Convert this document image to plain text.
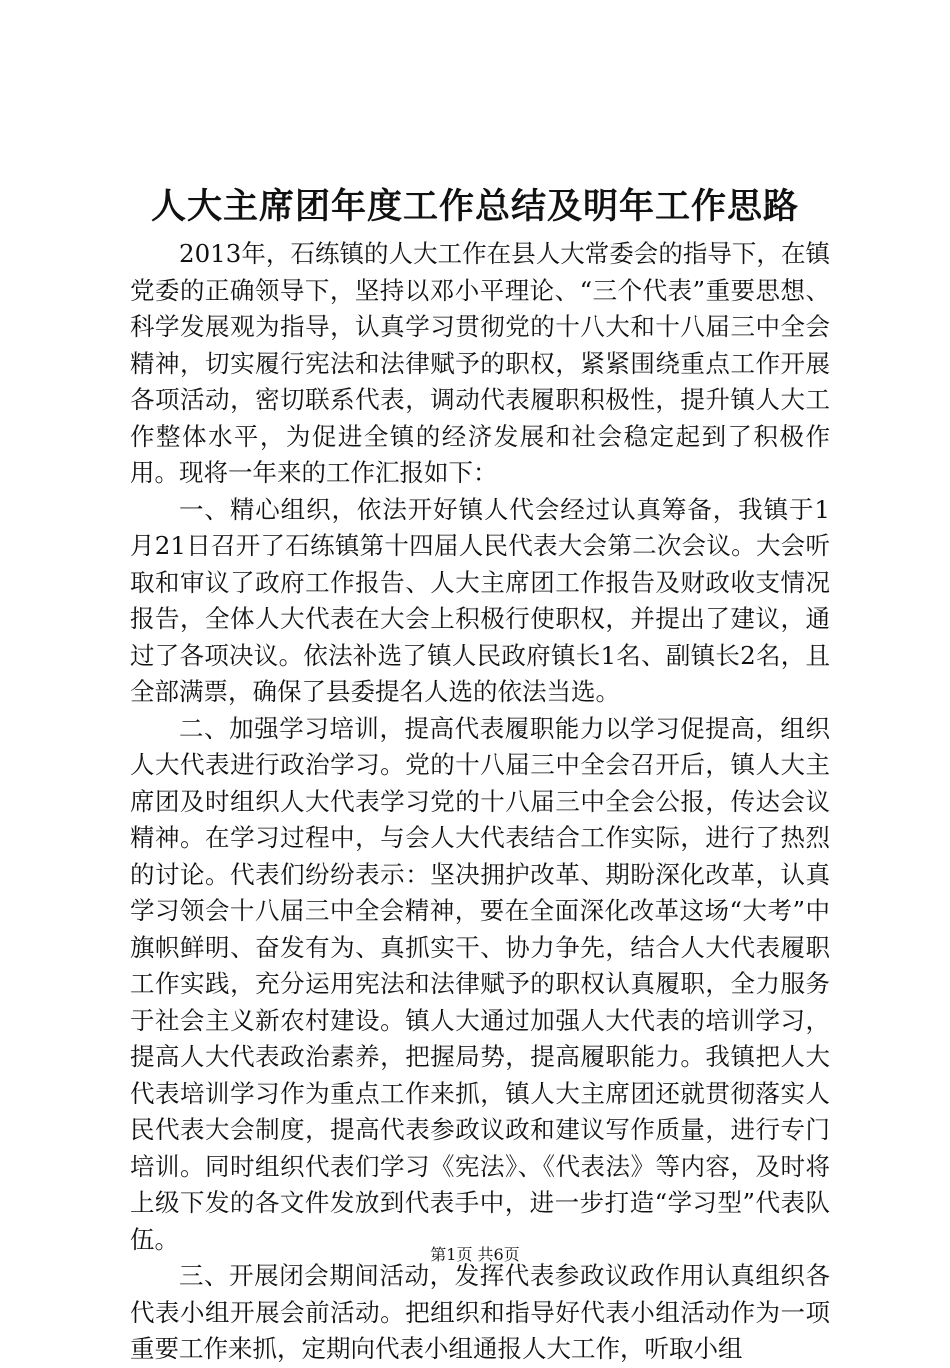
人大主席团年度工作总结及明年工作思路

2013年，石练镇的人大工作在县人大常委会的指导下，在镇党委的正确领导下，坚持以邓小平理论、“三个代表”重要思想、科学发展观为指导，认真学习贯彻党的十八大和十八届三中全会精神，切实履行宪法和法律赋予的职权，紧紧围绕重点工作开展各项活动，密切联系代表，调动代表履职积极性，提升镇人大工作整体水平，为促进全镇的经济发展和社会稳定起到了积极作用。现将一年来的工作汇报如下：

一、精心组织，依法开好镇人代会经过认真筹备，我镇于1月21日召开了石练镇第十四届人民代表大会第二次会议。大会听取和审议了政府工作报告、人大主席团工作报告及财政收支情况报告，全体人大代表在大会上积极行使职权，并提出了建议，通过了各项决议。依法补选了镇人民政府镇长1名、副镇长2名，且全部满票，确保了县委提名人选的依法当选。

二、加强学习培训，提高代表履职能力以学习促提高，组织人大代表进行政治学习。党的十八届三中全会召开后，镇人大主席团及时组织人大代表学习党的十八届三中全会公报，传达会议精神。在学习过程中，与会人大代表结合工作实际，进行了热烈的讨论。代表们纷纷表示：坚决拥护改革、期盼深化改革，认真学习领会十八届三中全会精神，要在全面深化改革这场“大考”中旗帜鲜明、奋发有为、真抓实干、协力争先，结合人大代表履职工作实践，充分运用宪法和法律赋予的职权认真履职，全力服务于社会主义新农村建设。镇人大通过加强人大代表的培训学习，提高人大代表政治素养，把握局势，提高履职能力。我镇把人大代表培训学习作为重点工作来抓，镇人大主席团还就贯彻落实人民代表大会制度，提高代表参政议政和建议写作质量，进行专门培训。同时组织代表们学习《宪法》、《代表法》等内容，及时将上级下发的各文件发放到代表手中，进一步打造“学习型”代表队伍。

三、开展闭会期间活动，发挥代表参政议政作用认真组织各代表小组开展会前活动。把组织和指导好代表小组活动作为一项重要工作来抓，定期向代表小组通报人大工作，听取小组

第1页 共6页
